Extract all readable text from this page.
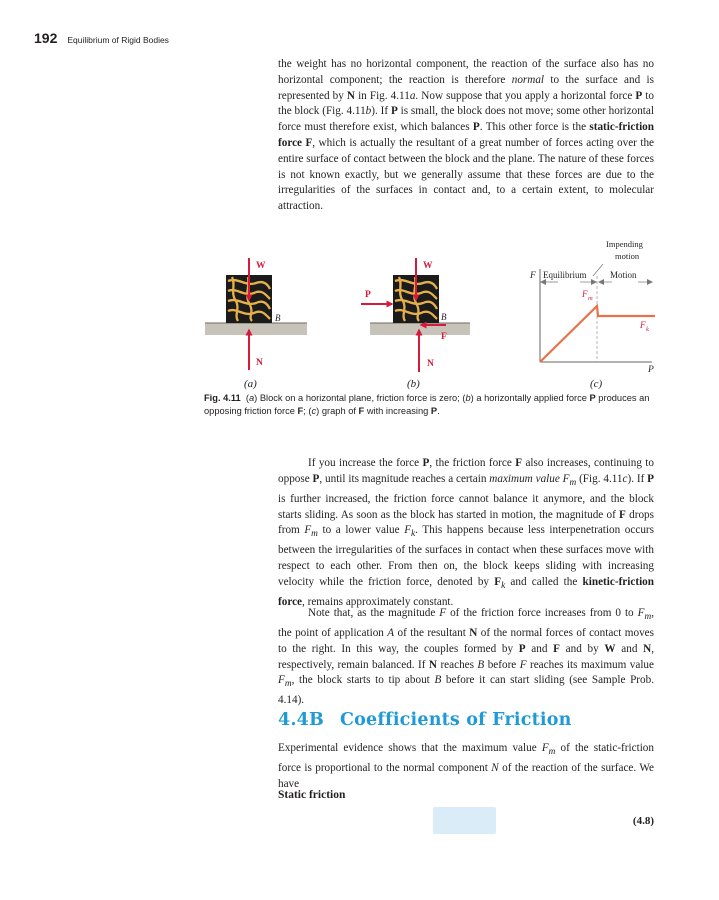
192 Equilibrium of Rigid Bodies

the weight has no horizontal component, the reaction of the surface also has no horizontal component; the reaction is therefore normal to the surface and is represented by N in Fig. 4.11a. Now suppose that you apply a horizontal force P to the block (Fig. 4.11b). If P is small, the block does not move; some other horizontal force must therefore exist, which balances P. This other force is the static-friction force F, which is actually the resultant of a great number of forces acting over the entire surface of contact between the block and the plane. The nature of these forces is not known exactly, but we generally assume that these forces are due to the irregularities of the surfaces in contact and, to a certain extent, to molecular attraction.

W
N
B
W
P
B
F
N
F Equilibrium	Motion
Impending
motion
F m
F k
P
(a)	(b)	(c)
Fig. 4.11  (a) Block on a horizontal plane, friction force is zero; (b) a horizontally applied force P produces an opposing friction force F; (c) graph of F with increasing P.

If you increase the force P, the friction force F also increases, continuing to oppose P, until its magnitude reaches a certain maximum value $F_m$ (Fig. 4.11c). If P is further increased, the friction force cannot balance it anymore, and the block starts sliding. As soon as the block has started in motion, the magnitude of F drops from $F_m$ to a lower value $F_k$. This happens because less interpenetration occurs between the irregularities of the surfaces in contact when these surfaces move with respect to each other. From then on, the block keeps sliding with increasing velocity while the friction force, denoted by $F_k$ and called the kinetic-friction force, remains approximately constant.

Note that, as the magnitude F of the friction force increases from 0 to $F_m$, the point of application A of the resultant N of the normal forces of contact moves to the right. In this way, the couples formed by P and F and by W and N, respectively, remain balanced. If N reaches B before F reaches its maximum value $F_m$, the block starts to tip about B before it can start sliding (see Sample Prob. 4.14).

4.4B Coefficients of Friction

Experimental evidence shows that the maximum value $F_m$ of the static-friction force is proportional to the normal component N of the reaction of the surface. We have

Static friction
(4.8)
